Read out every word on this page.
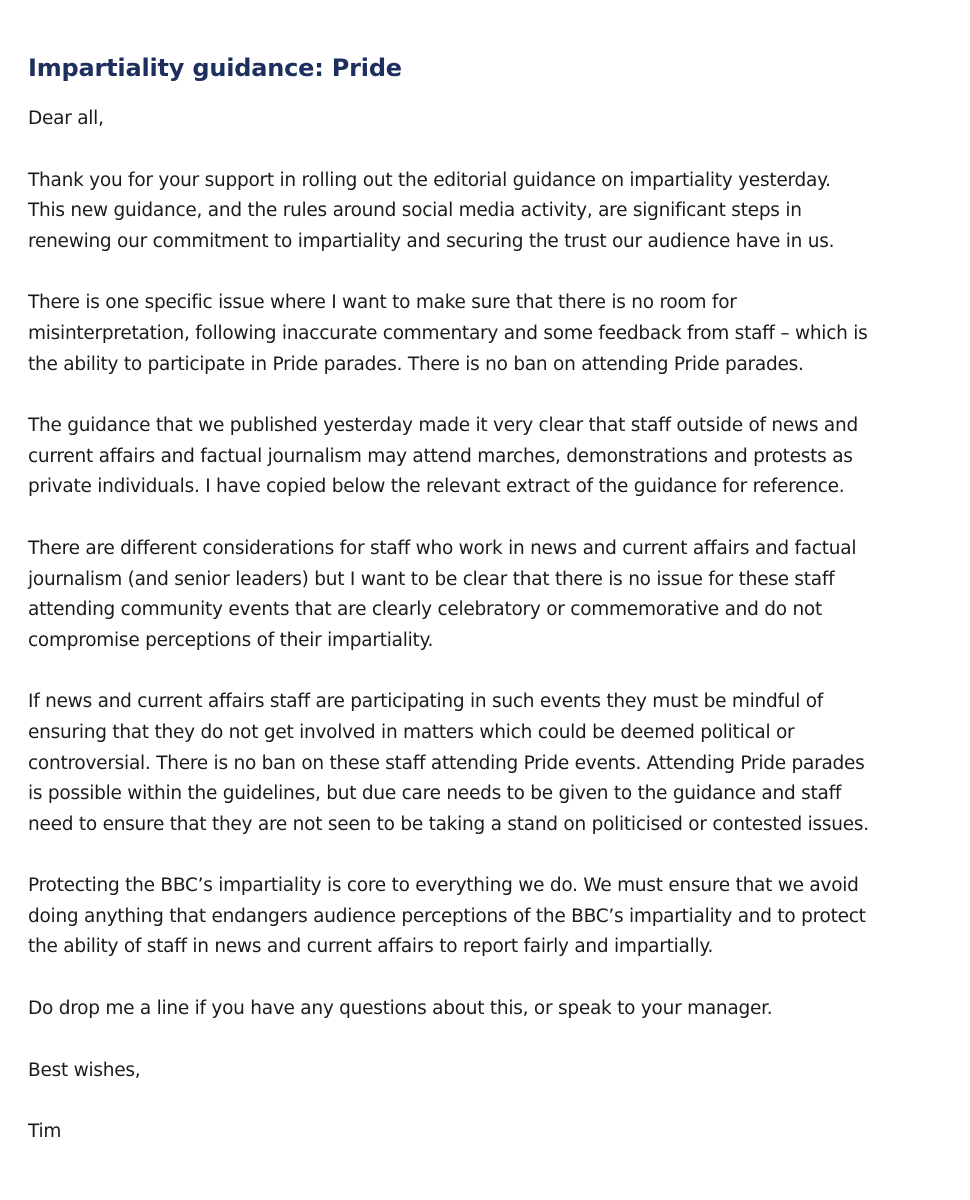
Impartiality guidance: Pride

Dear all,

Thank you for your support in rolling out the editorial guidance on impartiality yesterday.
This new guidance, and the rules around social media activity, are significant steps in
renewing our commitment to impartiality and securing the trust our audience have in us.

There is one specific issue where I want to make sure that there is no room for
misinterpretation, following inaccurate commentary and some feedback from staff – which is
the ability to participate in Pride parades. There is no ban on attending Pride parades.

The guidance that we published yesterday made it very clear that staff outside of news and
current affairs and factual journalism may attend marches, demonstrations and protests as
private individuals. I have copied below the relevant extract of the guidance for reference.

There are different considerations for staff who work in news and current affairs and factual
journalism (and senior leaders) but I want to be clear that there is no issue for these staff
attending community events that are clearly celebratory or commemorative and do not
compromise perceptions of their impartiality.

If news and current affairs staff are participating in such events they must be mindful of
ensuring that they do not get involved in matters which could be deemed political or
controversial. There is no ban on these staff attending Pride events. Attending Pride parades
is possible within the guidelines, but due care needs to be given to the guidance and staff
need to ensure that they are not seen to be taking a stand on politicised or contested issues.

Protecting the BBC’s impartiality is core to everything we do. We must ensure that we avoid
doing anything that endangers audience perceptions of the BBC’s impartiality and to protect
the ability of staff in news and current affairs to report fairly and impartially.

Do drop me a line if you have any questions about this, or speak to your manager.

Best wishes,

Tim
